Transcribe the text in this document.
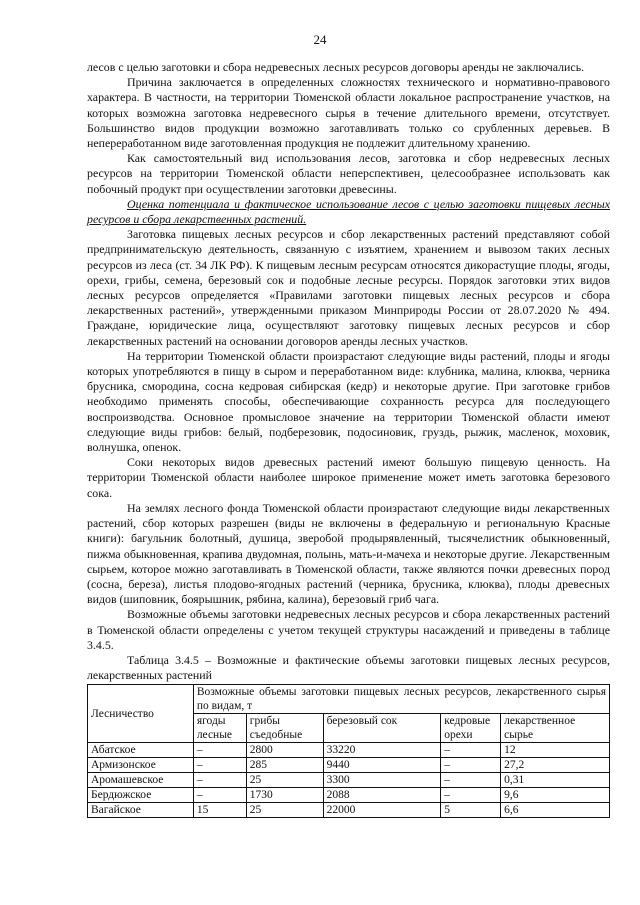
24

лесов с целью заготовки и сбора недревесных лесных ресурсов договоры аренды не заключались.

Причина заключается в определенных сложностях технического и нормативно-правового характера. В частности, на территории Тюменской области локальное распространение участков, на которых возможна заготовка недревесного сырья в течение длительного времени, отсутствует. Большинство видов продукции возможно заготавливать только со срубленных деревьев. В непереработанном виде заготовленная продукция не подлежит длительному хранению.

Как самостоятельный вид использования лесов, заготовка и сбор недревесных лесных ресурсов на территории Тюменской области неперспективен, целесообразнее использовать как побочный продукт при осуществлении заготовки древесины.

Оценка потенциала и фактическое использование лесов с целью заготовки пищевых лесных ресурсов и сбора лекарственных растений.

Заготовка пищевых лесных ресурсов и сбор лекарственных растений представляют собой предпринимательскую деятельность, связанную с изъятием, хранением и вывозом таких лесных ресурсов из леса (ст. 34 ЛК РФ). К пищевым лесным ресурсам относятся дикорастущие плоды, ягоды, орехи, грибы, семена, березовый сок и подобные лесные ресурсы. Порядок заготовки этих видов лесных ресурсов определяется «Правилами заготовки пищевых лесных ресурсов и сбора лекарственных растений», утвержденными приказом Минприроды России от 28.07.2020 № 494. Граждане, юридические лица, осуществляют заготовку пищевых лесных ресурсов и сбор лекарственных растений на основании договоров аренды лесных участков.

На территории Тюменской области произрастают следующие виды растений, плоды и ягоды которых употребляются в пищу в сыром и переработанном виде: клубника, малина, клюква, черника брусника, смородина, сосна кедровая сибирская (кедр) и некоторые другие. При заготовке грибов необходимо применять способы, обеспечивающие сохранность ресурса для последующего воспроизводства. Основное промысловое значение на территории Тюменской области имеют следующие виды грибов: белый, подберезовик, подосиновик, груздь, рыжик, масленок, моховик, волнушка, опенок.

Соки некоторых видов древесных растений имеют большую пищевую ценность. На территории Тюменской области наиболее широкое применение может иметь заготовка березового сока.

На землях лесного фонда Тюменской области произрастают следующие виды лекарственных растений, сбор которых разрешен (виды не включены в федеральную и региональную Красные книги): багульник болотный, душица, зверобой продырявленный, тысячелистник обыкновенный, пижма обыкновенная, крапива двудомная, полынь, мать-и-мачеха и некоторые другие. Лекарственным сырьем, которое можно заготавливать в Тюменской области, также являются почки древесных пород (сосна, береза), листья плодово-ягодных растений (черника, брусника, клюква), плоды древесных видов (шиповник, боярышник, рябина, калина), березовый гриб чага.

Возможные объемы заготовки недревесных лесных ресурсов и сбора лекарственных растений в Тюменской области определены с учетом текущей структуры насаждений и приведены в таблице 3.4.5.

Таблица 3.4.5 – Возможные и фактические объемы заготовки пищевых лесных ресурсов, лекарственных растений

Лесничество	Возможные объемы заготовки пищевых лесных ресурсов, лекарственного сырья по видам, т				
	ягоды лесные	грибы съедобные	березовый сок	кедровые орехи	лекарственное сырье
Абатское	–	2800	33220	–	12
Армизонское	–	285	9440	–	27,2
Аромашевское	–	25	3300	–	0,31
Бердюжское	–	1730	2088	–	9,6
Вагайское	15	25	22000	5	6,6
